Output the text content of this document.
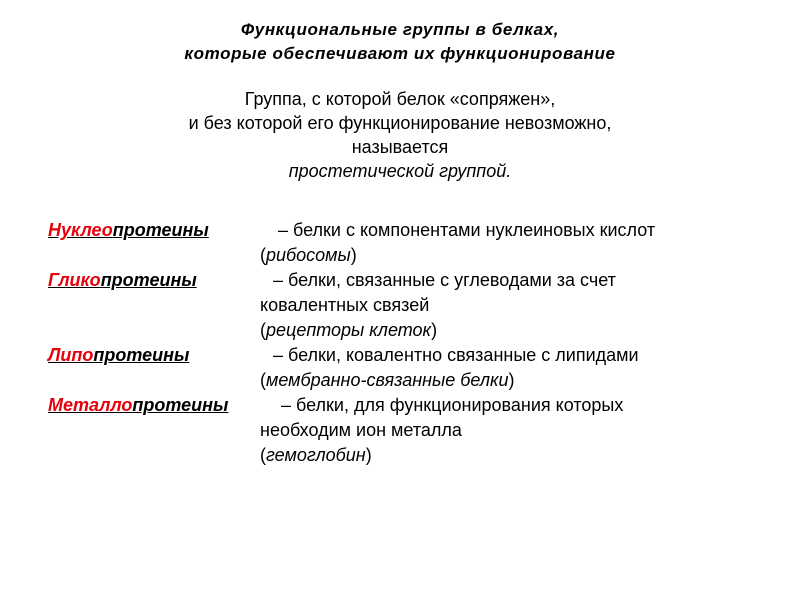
Функциональные группы в белках,
которые обеспечивают их функционирование
Группа, с которой белок «сопряжен»,
и без которой его функционирование невозможно,
называется
простетической группой.
Нуклеопротеины	– белки с компонентами нуклеиновых кислот
(рибосомы)
Гликопротеины	– белки, связанные с углеводами за счет
ковалентных связей
(рецепторы клеток)
Липопротеины	– белки, ковалентно связанные с липидами
(мембранно-связанные белки)
Металлопротеины	– белки, для функционирования которых
необходим ион металла
(гемоглобин)
